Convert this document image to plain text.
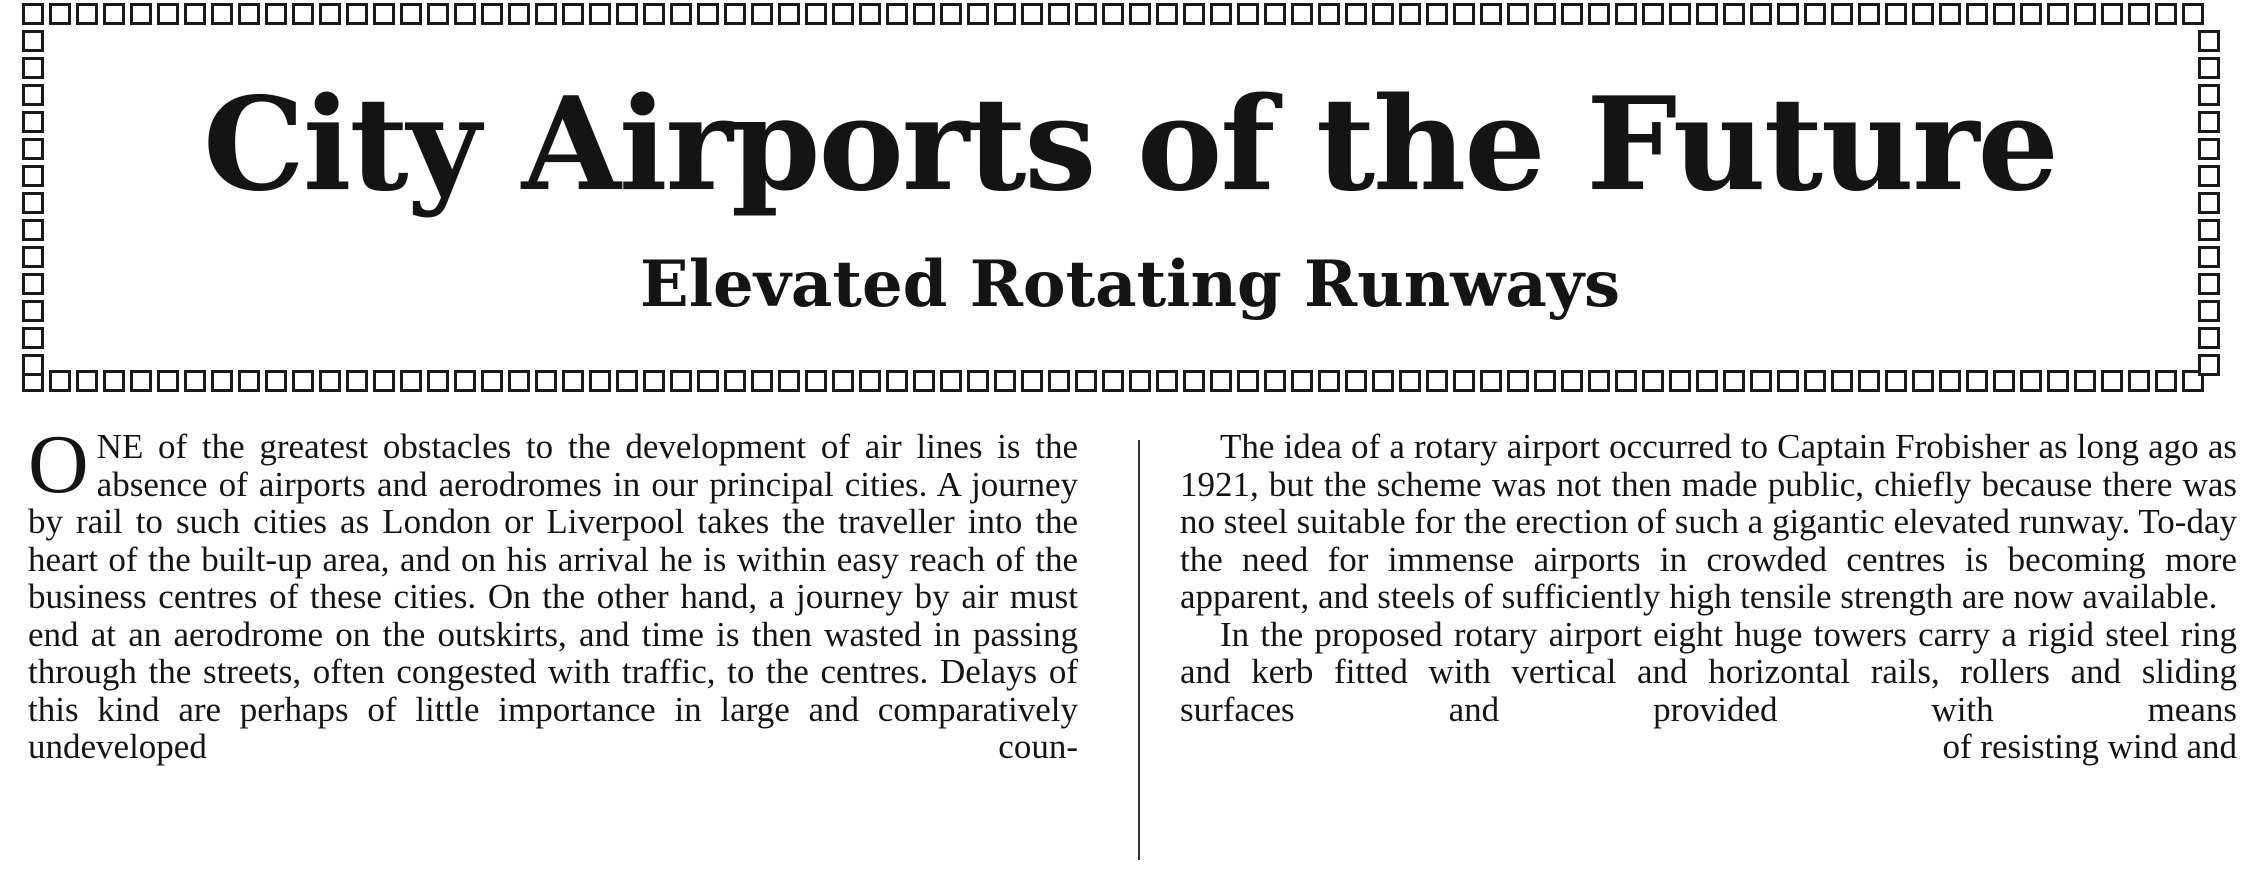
City Airports of the Future
Elevated Rotating Runways

ONE of the greatest obstacles to the development of air lines is the absence of airports and aerodromes in our principal cities. A journey by rail to such cities as London or Liverpool takes the traveller into the heart of the built-up area, and on his arrival he is within easy reach of the business centres of these cities. On the other hand, a journey by air must end at an aerodrome on the outskirts, and time is then wasted in passing through the streets, often congested with traffic, to the centres. Delays of this kind are perhaps of little importance in large and comparatively undeveloped coun-

The idea of a rotary airport occurred to Captain Frobisher as long ago as 1921, but the scheme was not then made public, chiefly because there was no steel suitable for the erection of such a gigantic elevated runway. To-day the need for immense airports in crowded centres is becoming more apparent, and steels of sufficiently high tensile strength are now available.

In the proposed rotary airport eight huge towers carry a rigid steel ring and kerb fitted with vertical and horizontal rails, rollers and sliding surfaces and provided with means

of resisting wind and
